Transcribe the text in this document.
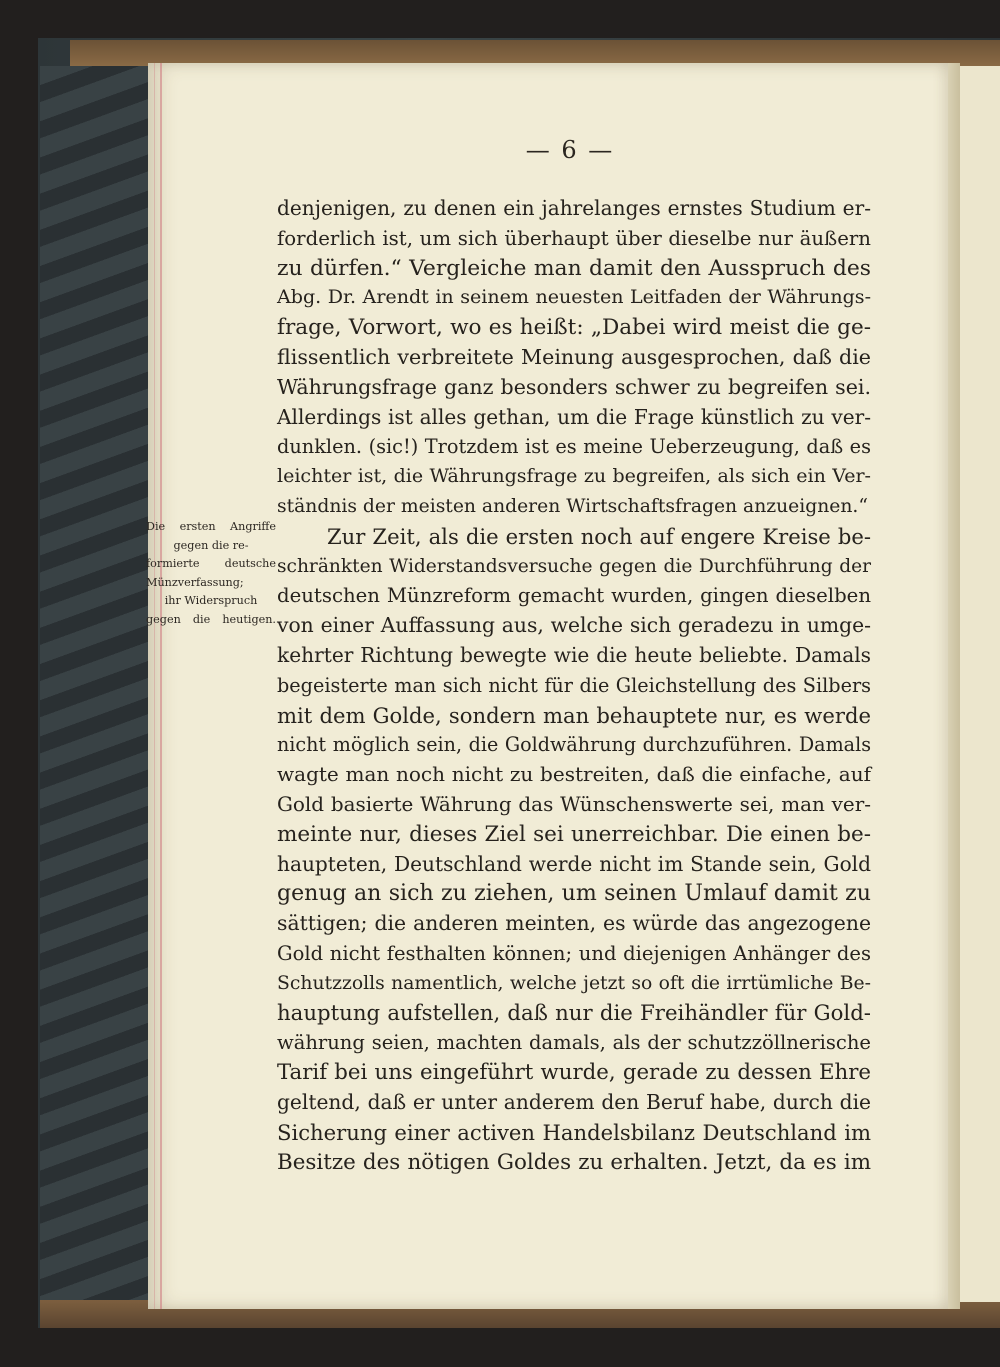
— 6 —
Die ersten Angriffe
gegen die re-
formierte deutsche
Münzverfassung;
ihr Widerspruch
gegen die heutigen.
denjenigen, zu denen ein jahrelanges ernstes Studium er-
forderlich ist, um sich überhaupt über dieselbe nur äußern
zu dürfen.“ Vergleiche man damit den Ausspruch des
Abg. Dr. Arendt in seinem neuesten Leitfaden der Währungs-
frage, Vorwort, wo es heißt: „Dabei wird meist die ge-
flissentlich verbreitete Meinung ausgesprochen, daß die
Währungsfrage ganz besonders schwer zu begreifen sei.
Allerdings ist alles gethan, um die Frage künstlich zu ver-
dunklen. (sic!) Trotzdem ist es meine Ueberzeugung, daß es
leichter ist, die Währungsfrage zu begreifen, als sich ein Ver-
ständnis der meisten anderen Wirtschaftsfragen anzueignen.“
Zur Zeit, als die ersten noch auf engere Kreise be-
schränkten Widerstandsversuche gegen die Durchführung der
deutschen Münzreform gemacht wurden, gingen dieselben
von einer Auffassung aus, welche sich geradezu in umge-
kehrter Richtung bewegte wie die heute beliebte. Damals
begeisterte man sich nicht für die Gleichstellung des Silbers
mit dem Golde, sondern man behauptete nur, es werde
nicht möglich sein, die Goldwährung durchzuführen. Damals
wagte man noch nicht zu bestreiten, daß die einfache, auf
Gold basierte Währung das Wünschenswerte sei, man ver-
meinte nur, dieses Ziel sei unerreichbar. Die einen be-
haupteten, Deutschland werde nicht im Stande sein, Gold
genug an sich zu ziehen, um seinen Umlauf damit zu
sättigen; die anderen meinten, es würde das angezogene
Gold nicht festhalten können; und diejenigen Anhänger des
Schutzzolls namentlich, welche jetzt so oft die irrtümliche Be-
hauptung aufstellen, daß nur die Freihändler für Gold-
währung seien, machten damals, als der schutzzöllnerische
Tarif bei uns eingeführt wurde, gerade zu dessen Ehre
geltend, daß er unter anderem den Beruf habe, durch die
Sicherung einer activen Handelsbilanz Deutschland im
Besitze des nötigen Goldes zu erhalten. Jetzt, da es im
